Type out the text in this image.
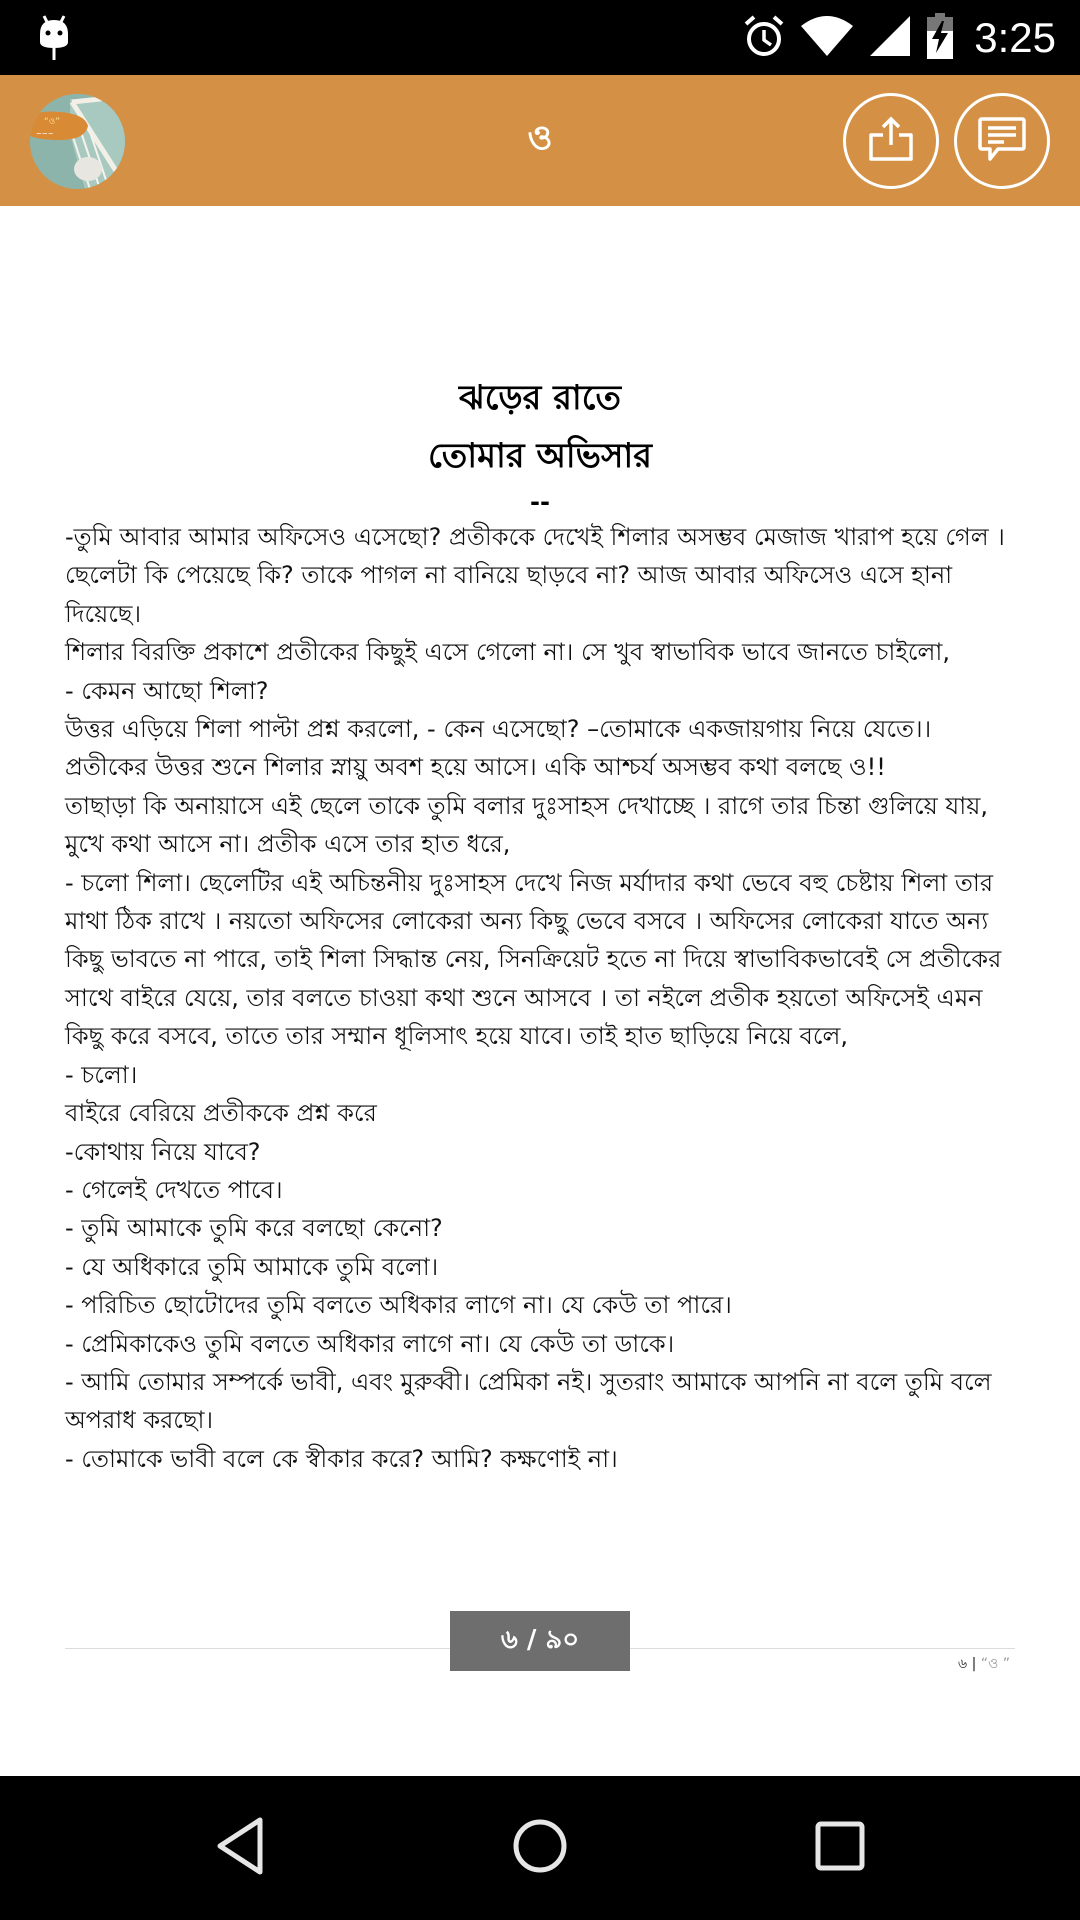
3:25
“ও”
~~~	ও
ঝড়ের রাতে
তোমার অভিসার
--

-তুমি আবার আমার অফিসেও এসেছো? প্রতীককে দেখেই শিলার অসম্ভব মেজাজ খারাপ হয়ে গেল । ছেলেটা কি পেয়েছে কি? তাকে পাগল না বানিয়ে ছাড়বে না? আজ আবার অফিসেও এসে হানা দিয়েছে।

শিলার বিরক্তি প্রকাশে প্রতীকের কিছুই এসে গেলো না। সে খুব স্বাভাবিক ভাবে জানতে চাইলো,

- কেমন আছো শিলা?

উত্তর এড়িয়ে শিলা পাল্টা প্রশ্ন করলো, - কেন এসেছো? –তোমাকে একজায়গায় নিয়ে যেতে।।

প্রতীকের উত্তর শুনে শিলার স্নায়ু অবশ হয়ে আসে। একি আশ্চর্য অসম্ভব কথা বলছে ও!!

তাছাড়া কি অনায়াসে এই ছেলে তাকে তুমি বলার দুঃসাহস দেখাচ্ছে । রাগে তার চিন্তা গুলিয়ে যায়, মুখে কথা আসে না। প্রতীক এসে তার হাত ধরে,

- চলো শিলা। ছেলেটির এই অচিন্তনীয় দুঃসাহস দেখে নিজ মর্যাদার কথা ভেবে বহু চেষ্টায় শিলা তার মাথা ঠিক রাখে । নয়তো অফিসের লোকেরা অন্য কিছু ভেবে বসবে । অফিসের লোকেরা যাতে অন্য কিছু ভাবতে না পারে, তাই শিলা সিদ্ধান্ত নেয়, সিনক্রিয়েট হতে না দিয়ে স্বাভাবিকভাবেই সে প্রতীকের সাথে বাইরে যেয়ে, তার বলতে চাওয়া কথা শুনে আসবে । তা নইলে প্রতীক হয়তো অফিসেই এমন কিছু করে বসবে, তাতে তার সম্মান ধূলিসাৎ হয়ে যাবে। তাই হাত ছাড়িয়ে নিয়ে বলে,

- চলো।

বাইরে বেরিয়ে প্রতীককে প্রশ্ন করে

-কোথায় নিয়ে যাবে?

- গেলেই দেখতে পাবে।

- তুমি আমাকে তুমি করে বলছো কেনো?

- যে অধিকারে তুমি আমাকে তুমি বলো।

- পরিচিত ছোটোদের তুমি বলতে অধিকার লাগে না। যে কেউ তা পারে।

- প্রেমিকাকেও তুমি বলতে অধিকার লাগে না। যে কেউ তা ডাকে।

- আমি তোমার সম্পর্কে ভাবী, এবং মুরুব্বী। প্রেমিকা নই। সুতরাং আমাকে আপনি না বলে তুমি বলে অপরাধ করছো।

- তোমাকে ভাবী বলে কে স্বীকার করে? আমি? কক্ষণোই না।

৬ / ৯০
৬ | “ও ”
